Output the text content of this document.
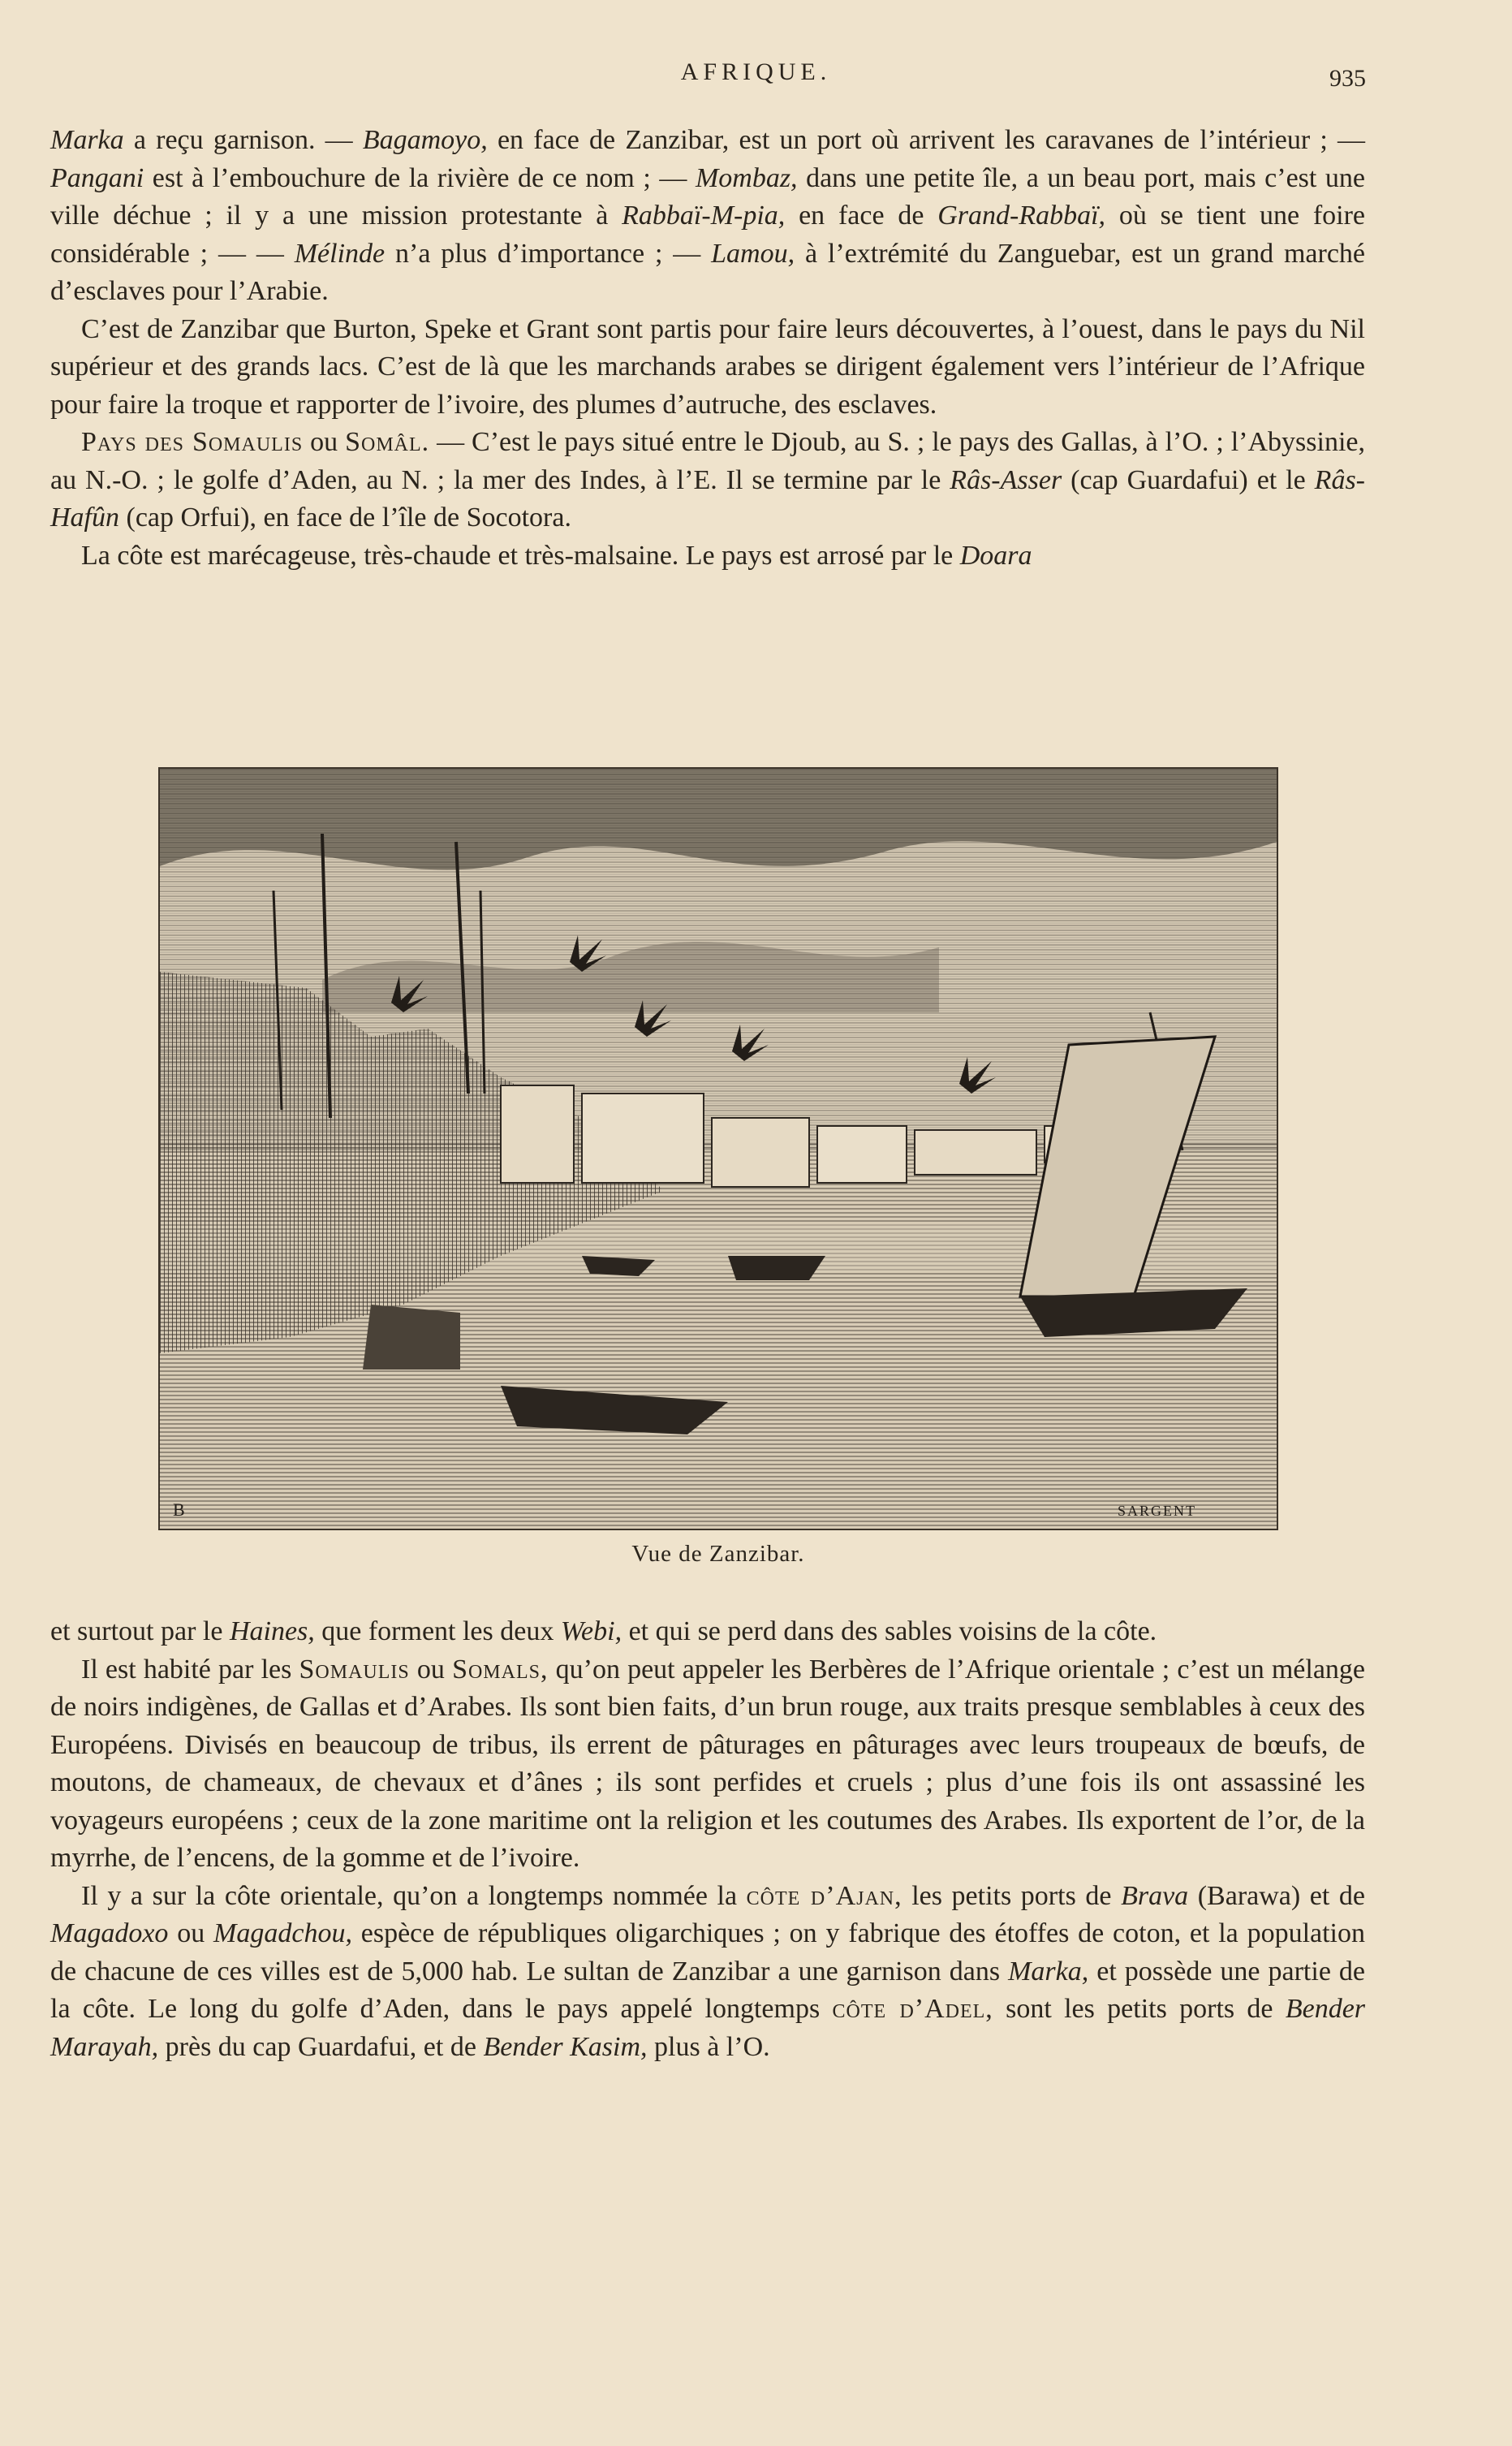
AFRIQUE.	935

Marka a reçu garnison. — Bagamoyo, en face de Zanzibar, est un port où arrivent les caravanes de l’intérieur ; — Pangani est à l’embouchure de la rivière de ce nom ; — Mombaz, dans une petite île, a un beau port, mais c’est une ville déchue ; il y a une mission protestante à Rabbaï-M-pia, en face de Grand-Rabbaï, où se tient une foire considérable ; — — Mélinde n’a plus d’importance ; — Lamou, à l’extrémité du Zanguebar, est un grand marché d’esclaves pour l’Arabie.

C’est de Zanzibar que Burton, Speke et Grant sont partis pour faire leurs découvertes, à l’ouest, dans le pays du Nil supérieur et des grands lacs. C’est de là que les marchands arabes se dirigent également vers l’intérieur de l’Afrique pour faire la troque et rapporter de l’ivoire, des plumes d’autruche, des esclaves.

Pays des Somaulis ou Somâl. — C’est le pays situé entre le Djoub, au S. ; le pays des Gallas, à l’O. ; l’Abyssinie, au N.-O. ; le golfe d’Aden, au N. ; la mer des Indes, à l’E. Il se termine par le Râs-Asser (cap Guardafui) et le Râs-Hafûn (cap Orfui), en face de l’île de Socotora.

La côte est marécageuse, très-chaude et très-malsaine. Le pays est arrosé par le Doara

B	SARGENT
Vue de Zanzibar.

et surtout par le Haines, que forment les deux Webi, et qui se perd dans des sables voisins de la côte.

Il est habité par les Somaulis ou Somals, qu’on peut appeler les Berbères de l’Afrique orientale ; c’est un mélange de noirs indigènes, de Gallas et d’Arabes. Ils sont bien faits, d’un brun rouge, aux traits presque semblables à ceux des Européens. Divisés en beaucoup de tribus, ils errent de pâturages en pâturages avec leurs troupeaux de bœufs, de moutons, de chameaux, de chevaux et d’ânes ; ils sont perfides et cruels ; plus d’une fois ils ont assassiné les voyageurs européens ; ceux de la zone maritime ont la religion et les coutumes des Arabes. Ils exportent de l’or, de la myrrhe, de l’encens, de la gomme et de l’ivoire.

Il y a sur la côte orientale, qu’on a longtemps nommée la côte d’Ajan, les petits ports de Brava (Barawa) et de Magadoxo ou Magadchou, espèce de républiques oligarchiques ; on y fabrique des étoffes de coton, et la population de chacune de ces villes est de 5,000 hab. Le sultan de Zanzibar a une garnison dans Marka, et possède une partie de la côte. Le long du golfe d’Aden, dans le pays appelé longtemps côte d’Adel, sont les petits ports de Bender Marayah, près du cap Guardafui, et de Bender Kasim, plus à l’O.
